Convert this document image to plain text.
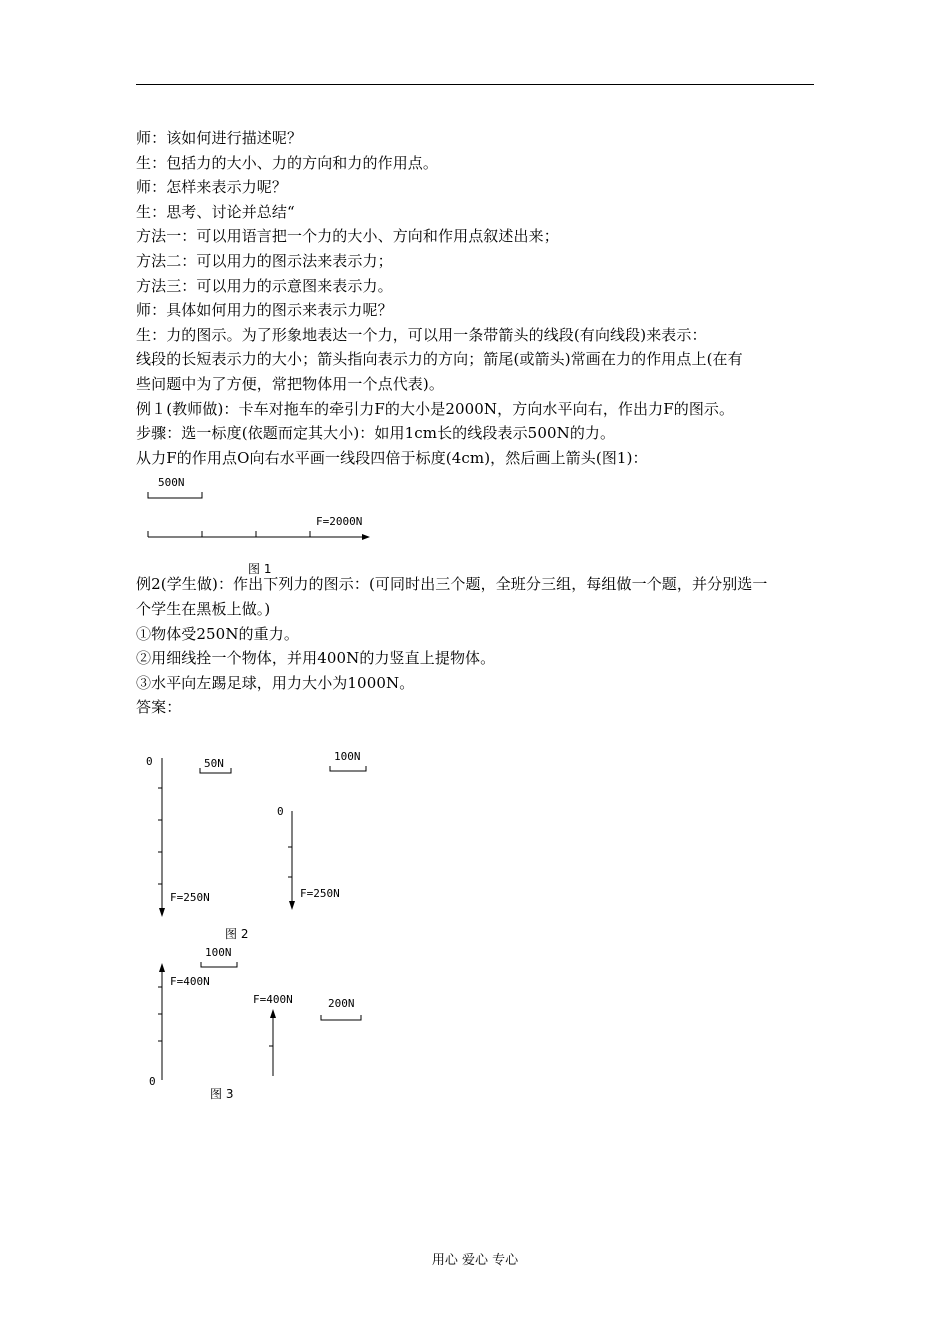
师：该如何进行描述呢？
生：包括力的大小、力的方向和力的作用点。
师：怎样来表示力呢？
生：思考、讨论并总结“
方法一：可以用语言把一个力的大小、方向和作用点叙述出来；
方法二：可以用力的图示法来表示力；
方法三：可以用力的示意图来表示力。
师：具体如何用力的图示来表示力呢？
生：力的图示。为了形象地表达一个力，可以用一条带箭头的线段(有向线段)来表示：
线段的长短表示力的大小；箭头指向表示力的方向；箭尾(或箭头)常画在力的作用点上(在有
些问题中为了方便，常把物体用一个点代表)。
例１(教师做)：卡车对拖车的牵引力F的大小是2000N，方向水平向右，作出力F的图示。
步骤：选一标度(依题而定其大小)：如用1cm长的线段表示500N的力。
从力F的作用点O向右水平画一线段四倍于标度(4cm)，然后画上箭头(图1)：
例2(学生做)：作出下列力的图示：(可同时出三个题，全班分三组，每组做一个题，并分别选一
个学生在黑板上做。)
①物体受250N的重力。
②用细线拴一个物体，并用400N的力竖直上提物体。
③水平向左踢足球，用力大小为1000N。
答案：
500N
F=2000N
图 1
0
F=250N
50N
100N
0
F=250N
图 2
100N
F=400N
0
F=400N	200N
图 3
用心 爱心 专心
